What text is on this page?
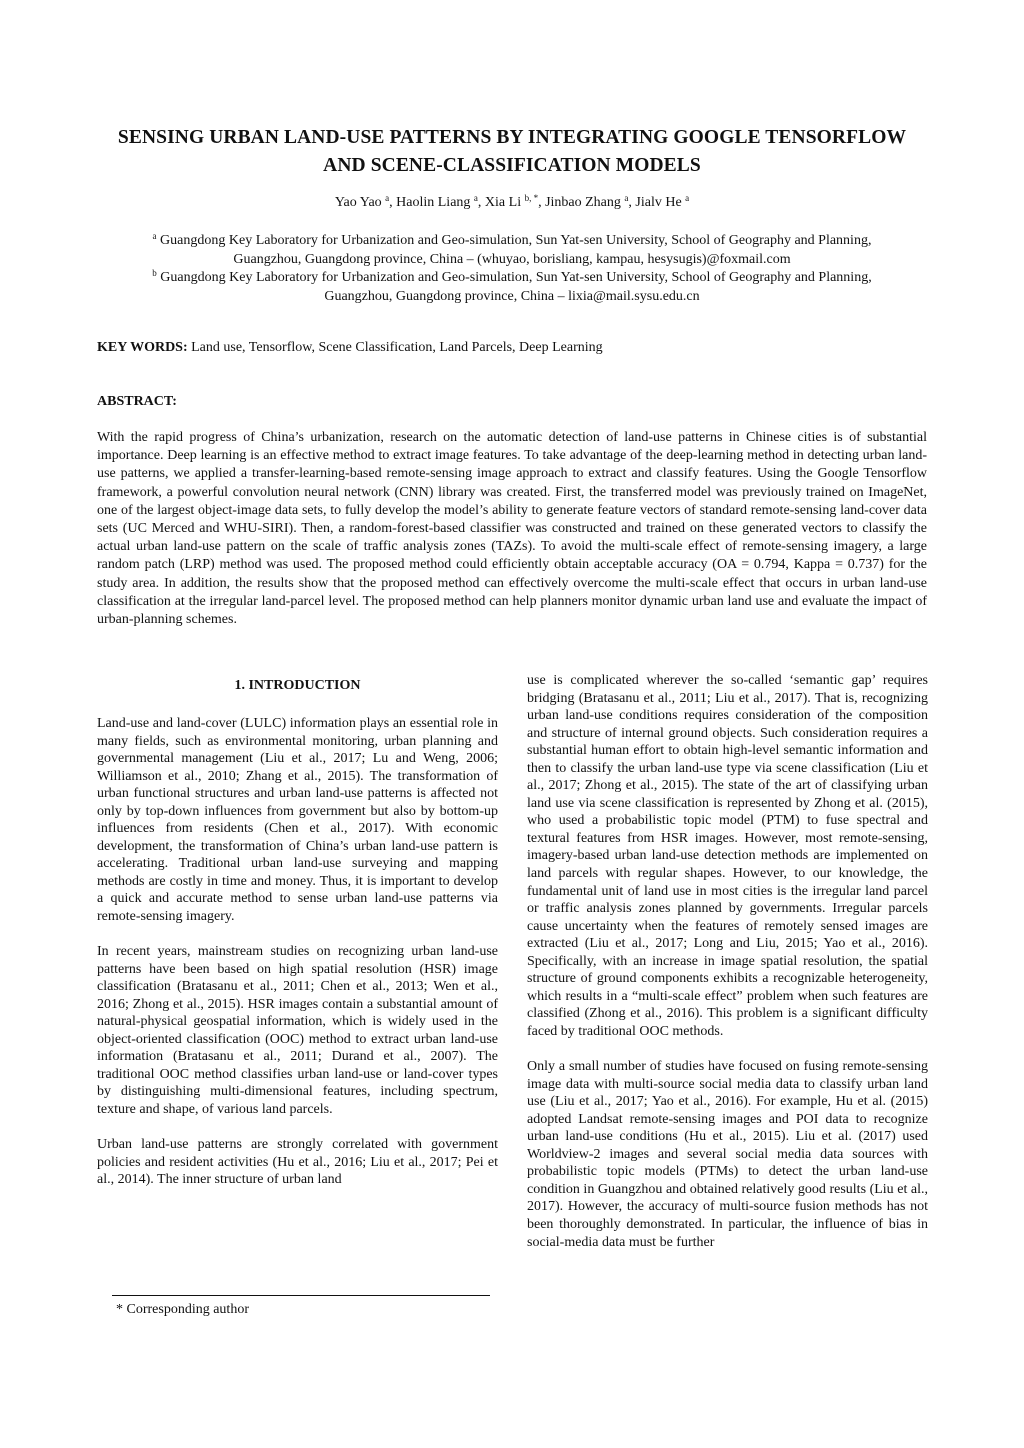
SENSING URBAN LAND-USE PATTERNS BY INTEGRATING GOOGLE TENSORFLOW
AND SCENE-CLASSIFICATION MODELS
Yao Yao $^a$, Haolin Liang $^a$, Xia Li $^{b, *}$, Jinbao Zhang $^a$, Jialv He $^a$
$^a$ Guangdong Key Laboratory for Urbanization and Geo-simulation, Sun Yat-sen University, School of Geography and Planning,
Guangzhou, Guangdong province, China – (whuyao, borisliang, kampau, hesysugis)@foxmail.com
$^b$ Guangdong Key Laboratory for Urbanization and Geo-simulation, Sun Yat-sen University, School of Geography and Planning,
Guangzhou, Guangdong province, China – lixia@mail.sysu.edu.cn
KEY WORDS: Land use, Tensorflow, Scene Classification, Land Parcels, Deep Learning
ABSTRACT:

With the rapid progress of China’s urbanization, research on the automatic detection of land-use patterns in Chinese cities is of substantial importance. Deep learning is an effective method to extract image features. To take advantage of the deep-learning method in detecting urban land-use patterns, we applied a transfer-learning-based remote-sensing image approach to extract and classify features. Using the Google Tensorflow framework, a powerful convolution neural network (CNN) library was created. First, the transferred model was previously trained on ImageNet, one of the largest object-image data sets, to fully develop the model’s ability to generate feature vectors of standard remote-sensing land-cover data sets (UC Merced and WHU-SIRI). Then, a random-forest-based classifier was constructed and trained on these generated vectors to classify the actual urban land-use pattern on the scale of traffic analysis zones (TAZs). To avoid the multi-scale effect of remote-sensing imagery, a large random patch (LRP) method was used. The proposed method could efficiently obtain acceptable accuracy (OA = 0.794, Kappa = 0.737) for the study area. In addition, the results show that the proposed method can effectively overcome the multi-scale effect that occurs in urban land-use classification at the irregular land-parcel level. The proposed method can help planners monitor dynamic urban land use and evaluate the impact of urban-planning schemes.

1. INTRODUCTION

Land-use and land-cover (LULC) information plays an essential role in many fields, such as environmental monitoring, urban planning and governmental management (Liu et al., 2017; Lu and Weng, 2006; Williamson et al., 2010; Zhang et al., 2015). The transformation of urban functional structures and urban land-use patterns is affected not only by top-down influences from government but also by bottom-up influences from residents (Chen et al., 2017). With economic development, the transformation of China’s urban land-use pattern is accelerating. Traditional urban land-use surveying and mapping methods are costly in time and money. Thus, it is important to develop a quick and accurate method to sense urban land-use patterns via remote-sensing imagery.

In recent years, mainstream studies on recognizing urban land-use patterns have been based on high spatial resolution (HSR) image classification (Bratasanu et al., 2011; Chen et al., 2013; Wen et al., 2016; Zhong et al., 2015). HSR images contain a substantial amount of natural-physical geospatial information, which is widely used in the object-oriented classification (OOC) method to extract urban land-use information (Bratasanu et al., 2011; Durand et al., 2007). The traditional OOC method classifies urban land-use or land-cover types by distinguishing multi-dimensional features, including spectrum, texture and shape, of various land parcels.

Urban land-use patterns are strongly correlated with government policies and resident activities (Hu et al., 2016; Liu et al., 2017; Pei et al., 2014). The inner structure of urban land

use is complicated wherever the so-called ‘semantic gap’ requires bridging (Bratasanu et al., 2011; Liu et al., 2017). That is, recognizing urban land-use conditions requires consideration of the composition and structure of internal ground objects. Such consideration requires a substantial human effort to obtain high-level semantic information and then to classify the urban land-use type via scene classification (Liu et al., 2017; Zhong et al., 2015). The state of the art of classifying urban land use via scene classification is represented by Zhong et al. (2015), who used a probabilistic topic model (PTM) to fuse spectral and textural features from HSR images. However, most remote-sensing, imagery-based urban land-use detection methods are implemented on land parcels with regular shapes. However, to our knowledge, the fundamental unit of land use in most cities is the irregular land parcel or traffic analysis zones planned by governments. Irregular parcels cause uncertainty when the features of remotely sensed images are extracted (Liu et al., 2017; Long and Liu, 2015; Yao et al., 2016). Specifically, with an increase in image spatial resolution, the spatial structure of ground components exhibits a recognizable heterogeneity, which results in a “multi-scale effect” problem when such features are classified (Zhong et al., 2016). This problem is a significant difficulty faced by traditional OOC methods.

Only a small number of studies have focused on fusing remote-sensing image data with multi-source social media data to classify urban land use (Liu et al., 2017; Yao et al., 2016). For example, Hu et al. (2015) adopted Landsat remote-sensing images and POI data to recognize urban land-use conditions (Hu et al., 2015). Liu et al. (2017) used Worldview-2 images and several social media data sources with probabilistic topic models (PTMs) to detect the urban land-use condition in Guangzhou and obtained relatively good results (Liu et al., 2017). However, the accuracy of multi-source fusion methods has not been thoroughly demonstrated. In particular, the influence of bias in social-media data must be further

* Corresponding author
